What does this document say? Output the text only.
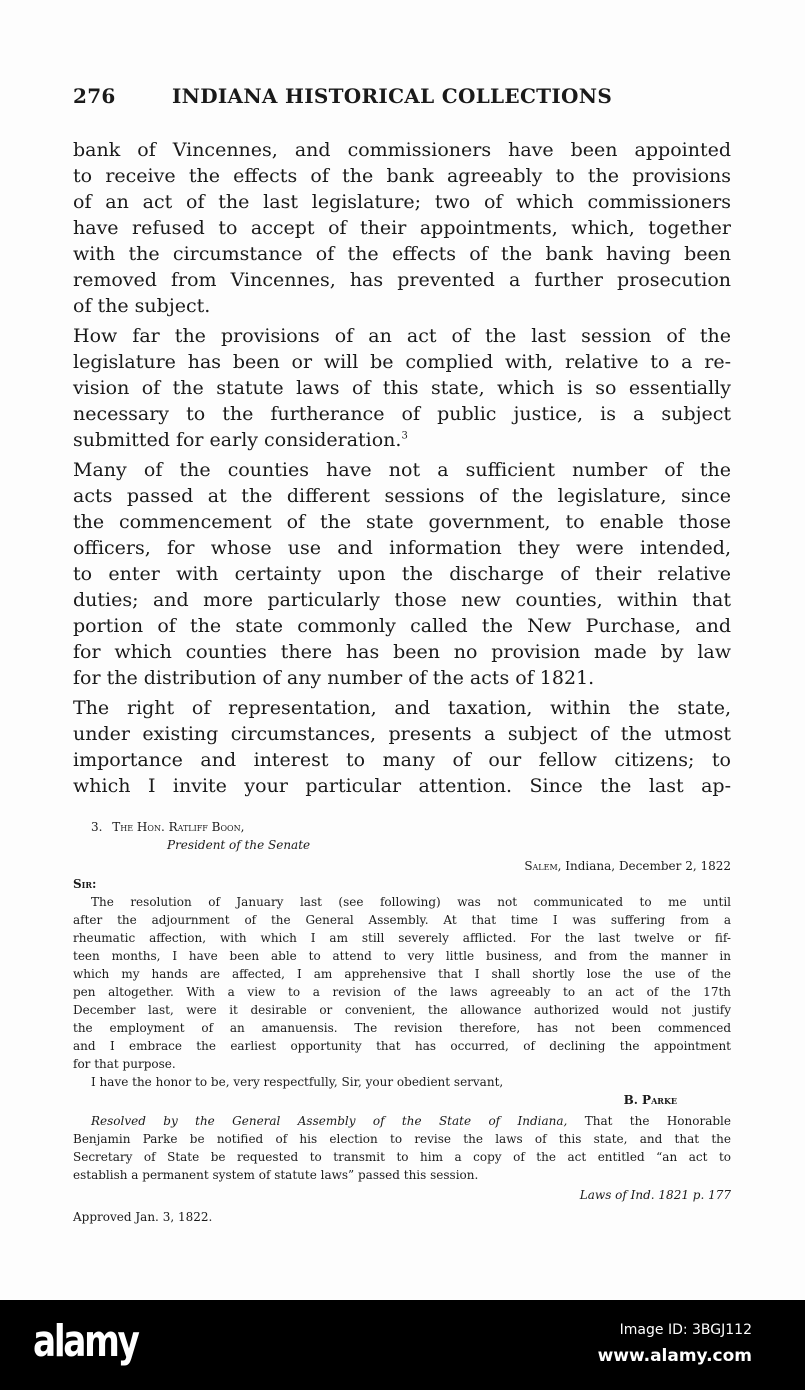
276	INDIANA HISTORICAL COLLECTIONS
bank of Vincennes, and commissioners have been appointed
to receive the effects of the bank agreeably to the provisions
of an act of the last legislature; two of which commissioners
have refused to accept of their appointments, which, together
with the circumstance of the effects of the bank having been
removed from Vincennes, has prevented a further prosecution
of the subject.
How far the provisions of an act of the last session of the
legislature has been or will be complied with, relative to a re-
vision of the statute laws of this state, which is so essentially
necessary to the furtherance of public justice, is a subject
submitted for early consideration.$^3$
Many of the counties have not a sufficient number of the
acts passed at the different sessions of the legislature, since
the commencement of the state government, to enable those
officers, for whose use and information they were intended,
to enter with certainty upon the discharge of their relative
duties; and more particularly those new counties, within that
portion of the state commonly called the New Purchase, and
for which counties there has been no provision made by law
for the distribution of any number of the acts of 1821.
The right of representation, and taxation, within the state,
under existing circumstances, presents a subject of the utmost
importance and interest to many of our fellow citizens; to
which I invite your particular attention. Since the last ap-
3. The Hon. Ratliff Boon,
President of the Senate
Salem, Indiana, December 2, 1822
Sir:
The resolution of January last (see following) was not communicated to me until
after the adjournment of the General Assembly. At that time I was suffering from a
rheumatic affection, with which I am still severely afflicted. For the last twelve or fif-
teen months, I have been able to attend to very little business, and from the manner in
which my hands are affected, I am apprehensive that I shall shortly lose the use of the
pen altogether. With a view to a revision of the laws agreeably to an act of the 17th
December last, were it desirable or convenient, the allowance authorized would not justify
the employment of an amanuensis. The revision therefore, has not been commenced
and I embrace the earliest opportunity that has occurred, of declining the appointment
for that purpose.
I have the honor to be, very respectfully, Sir, your obedient servant,
B. Parke
Resolved by the General Assembly of the State of Indiana, That the Honorable
Benjamin Parke be notified of his election to revise the laws of this state, and that the
Secretary of State be requested to transmit to him a copy of the act entitled “an act to
establish a permanent system of statute laws” passed this session.
Laws of Ind. 1821 p. 177
Approved Jan. 3, 1822.
alamy	Image ID: 3BGJ112
www.alamy.com
